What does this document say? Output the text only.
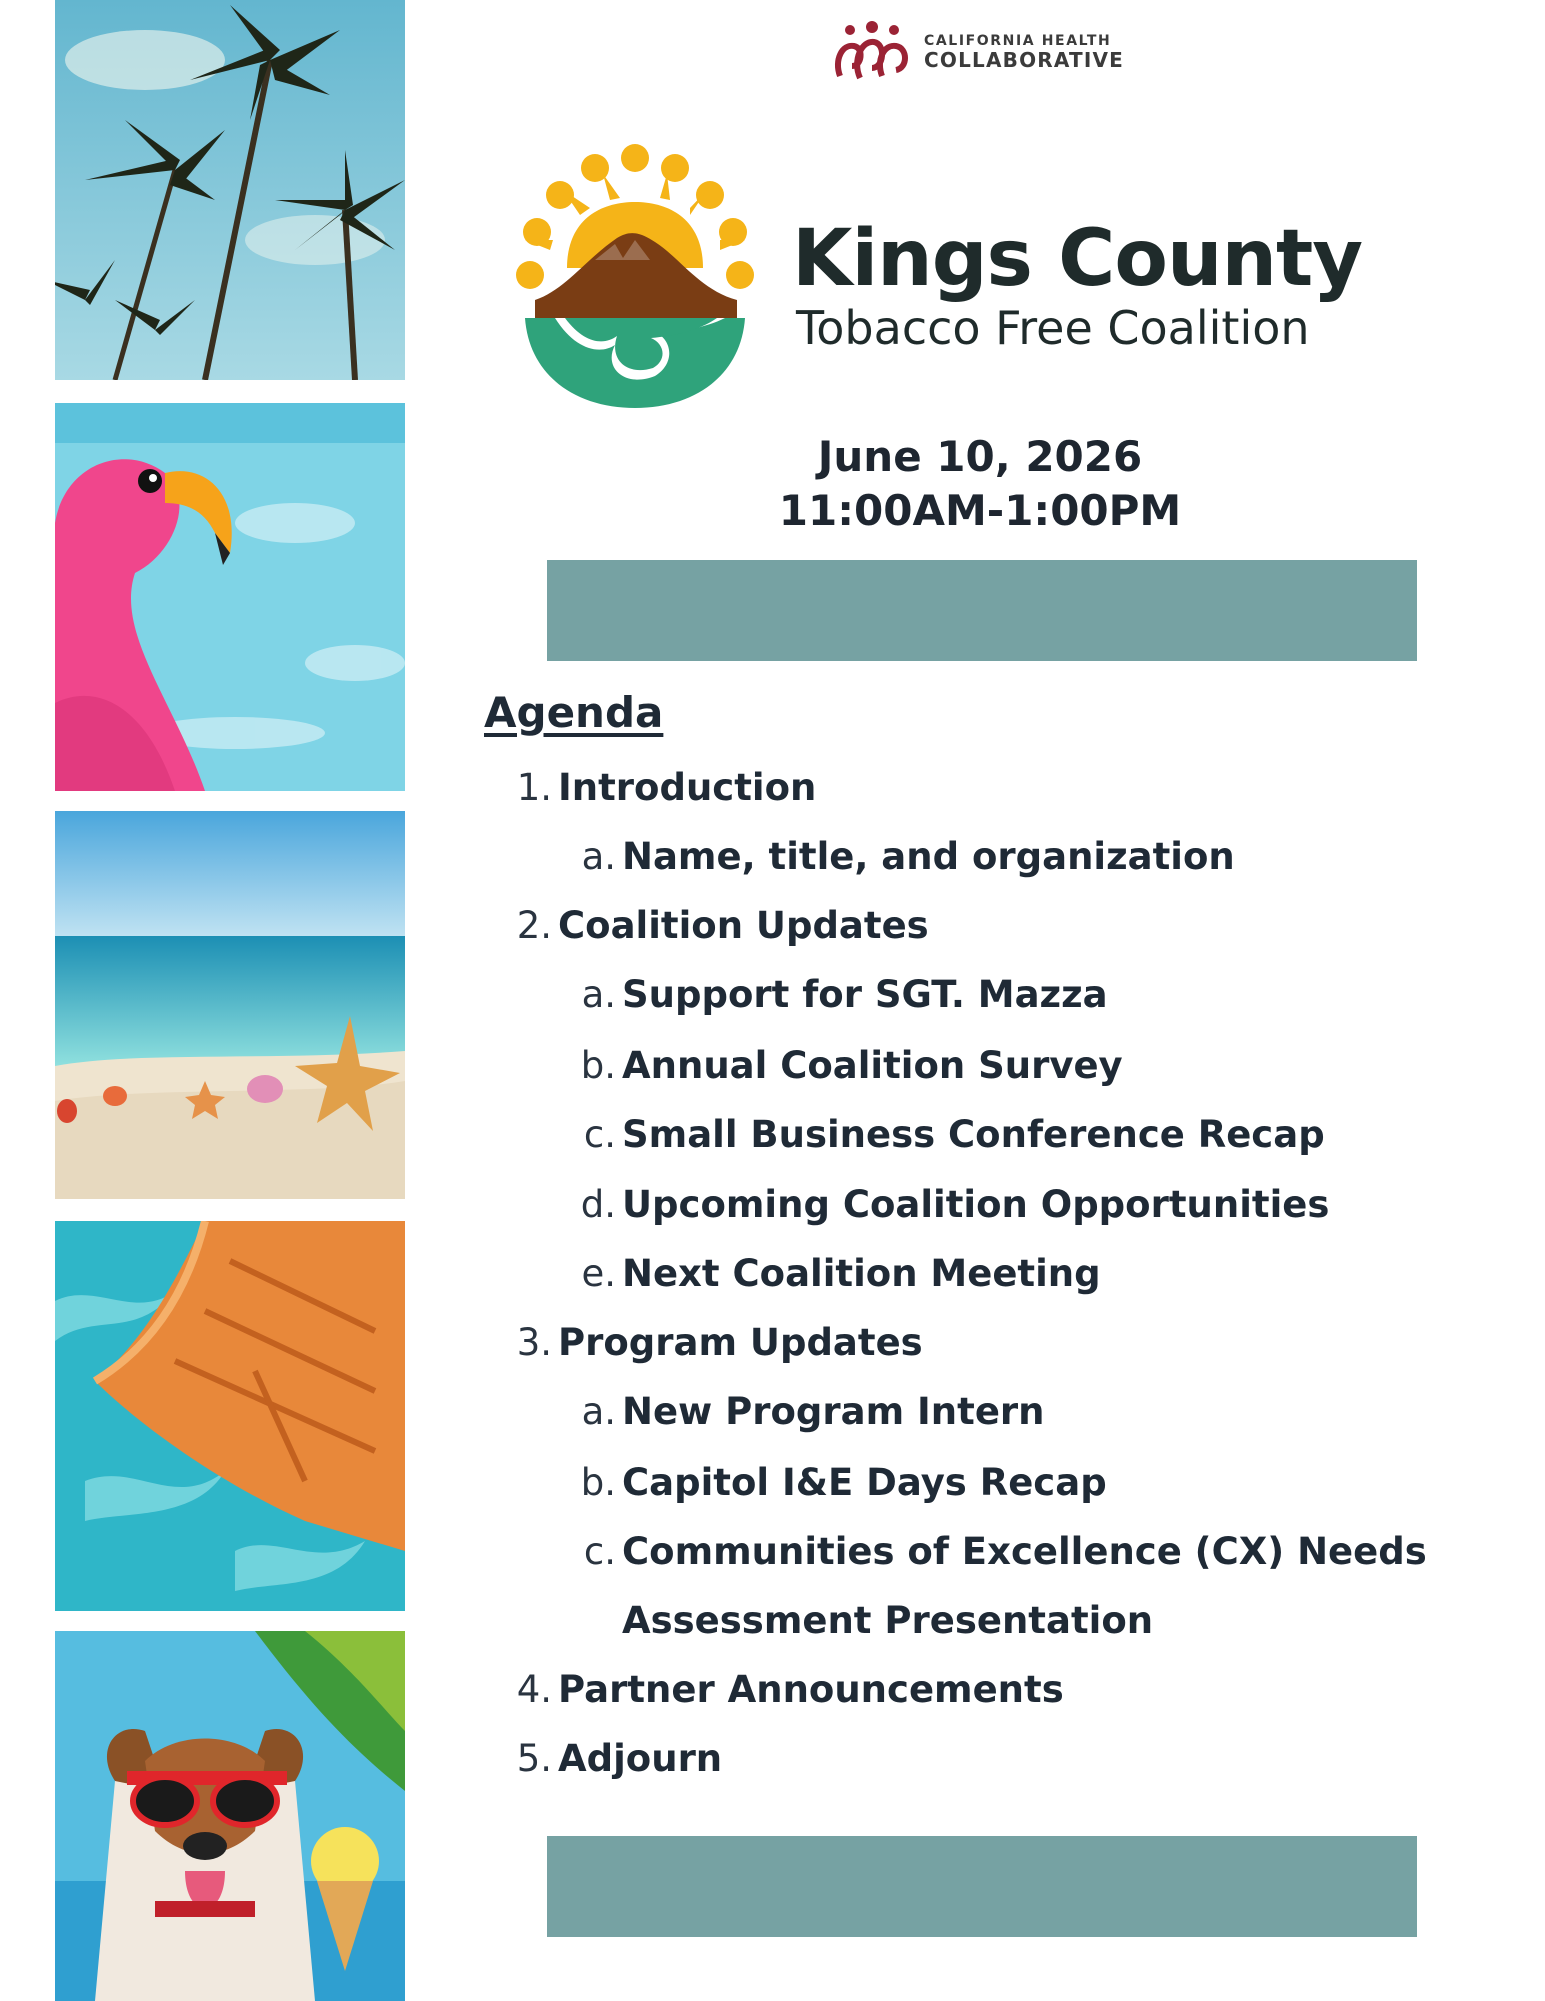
CALIFORNIA HEALTH
COLLABORATIVE
Kings County
Tobacco Free Coalition
June 10, 2026
11:00AM-1:00PM
Agenda
1. Introduction
a. Name, title, and organization
2. Coalition Updates
a. Support for SGT. Mazza
b. Annual Coalition Survey
c. Small Business Conference Recap
d. Upcoming Coalition Opportunities
e. Next Coalition Meeting
3. Program Updates
a. New Program Intern
b. Capitol I&E Days Recap
c. Communities of Excellence (CX) Needs
Assessment Presentation
4. Partner Announcements
5. Adjourn
